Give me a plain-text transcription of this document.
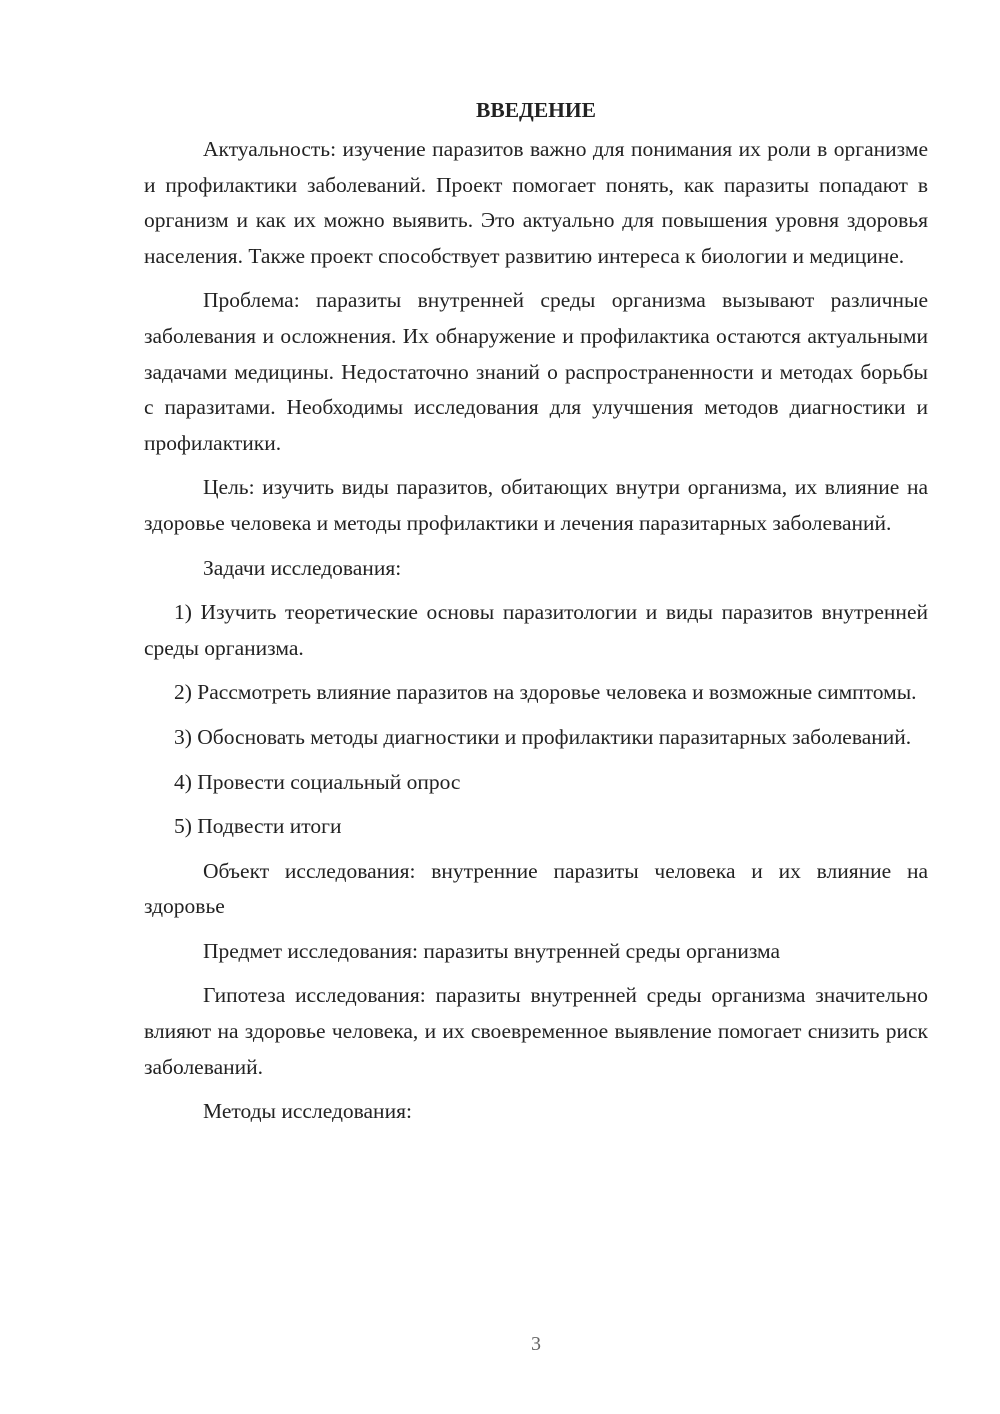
ВВЕДЕНИЕ

Актуальность: изучение паразитов важно для понимания их роли в организме и профилактики заболеваний. Проект помогает понять, как паразиты попадают в организм и как их можно выявить. Это актуально для повышения уровня здоровья населения. Также проект способствует развитию интереса к биологии и медицине.

Проблема: паразиты внутренней среды организма вызывают различные заболевания и осложнения. Их обнаружение и профилактика остаются актуальными задачами медицины. Недостаточно знаний о распространенности и методах борьбы с паразитами. Необходимы исследования для улучшения методов диагностики и профилактики.

Цель: изучить виды паразитов, обитающих внутри организма, их влияние на здоровье человека и методы профилактики и лечения паразитарных заболеваний.

Задачи исследования:

1) Изучить теоретические основы паразитологии и виды паразитов внутренней среды организма.

2) Рассмотреть влияние паразитов на здоровье человека и возможные симптомы.

3) Обосновать методы диагностики и профилактики паразитарных заболеваний.

4) Провести социальный опрос

5) Подвести итоги

Объект исследования: внутренние паразиты человека и их влияние на здоровье

Предмет исследования: паразиты внутренней среды организма

Гипотеза исследования: паразиты внутренней среды организма значительно влияют на здоровье человека, и их своевременное выявление помогает снизить риск заболеваний.

Методы исследования:

3
